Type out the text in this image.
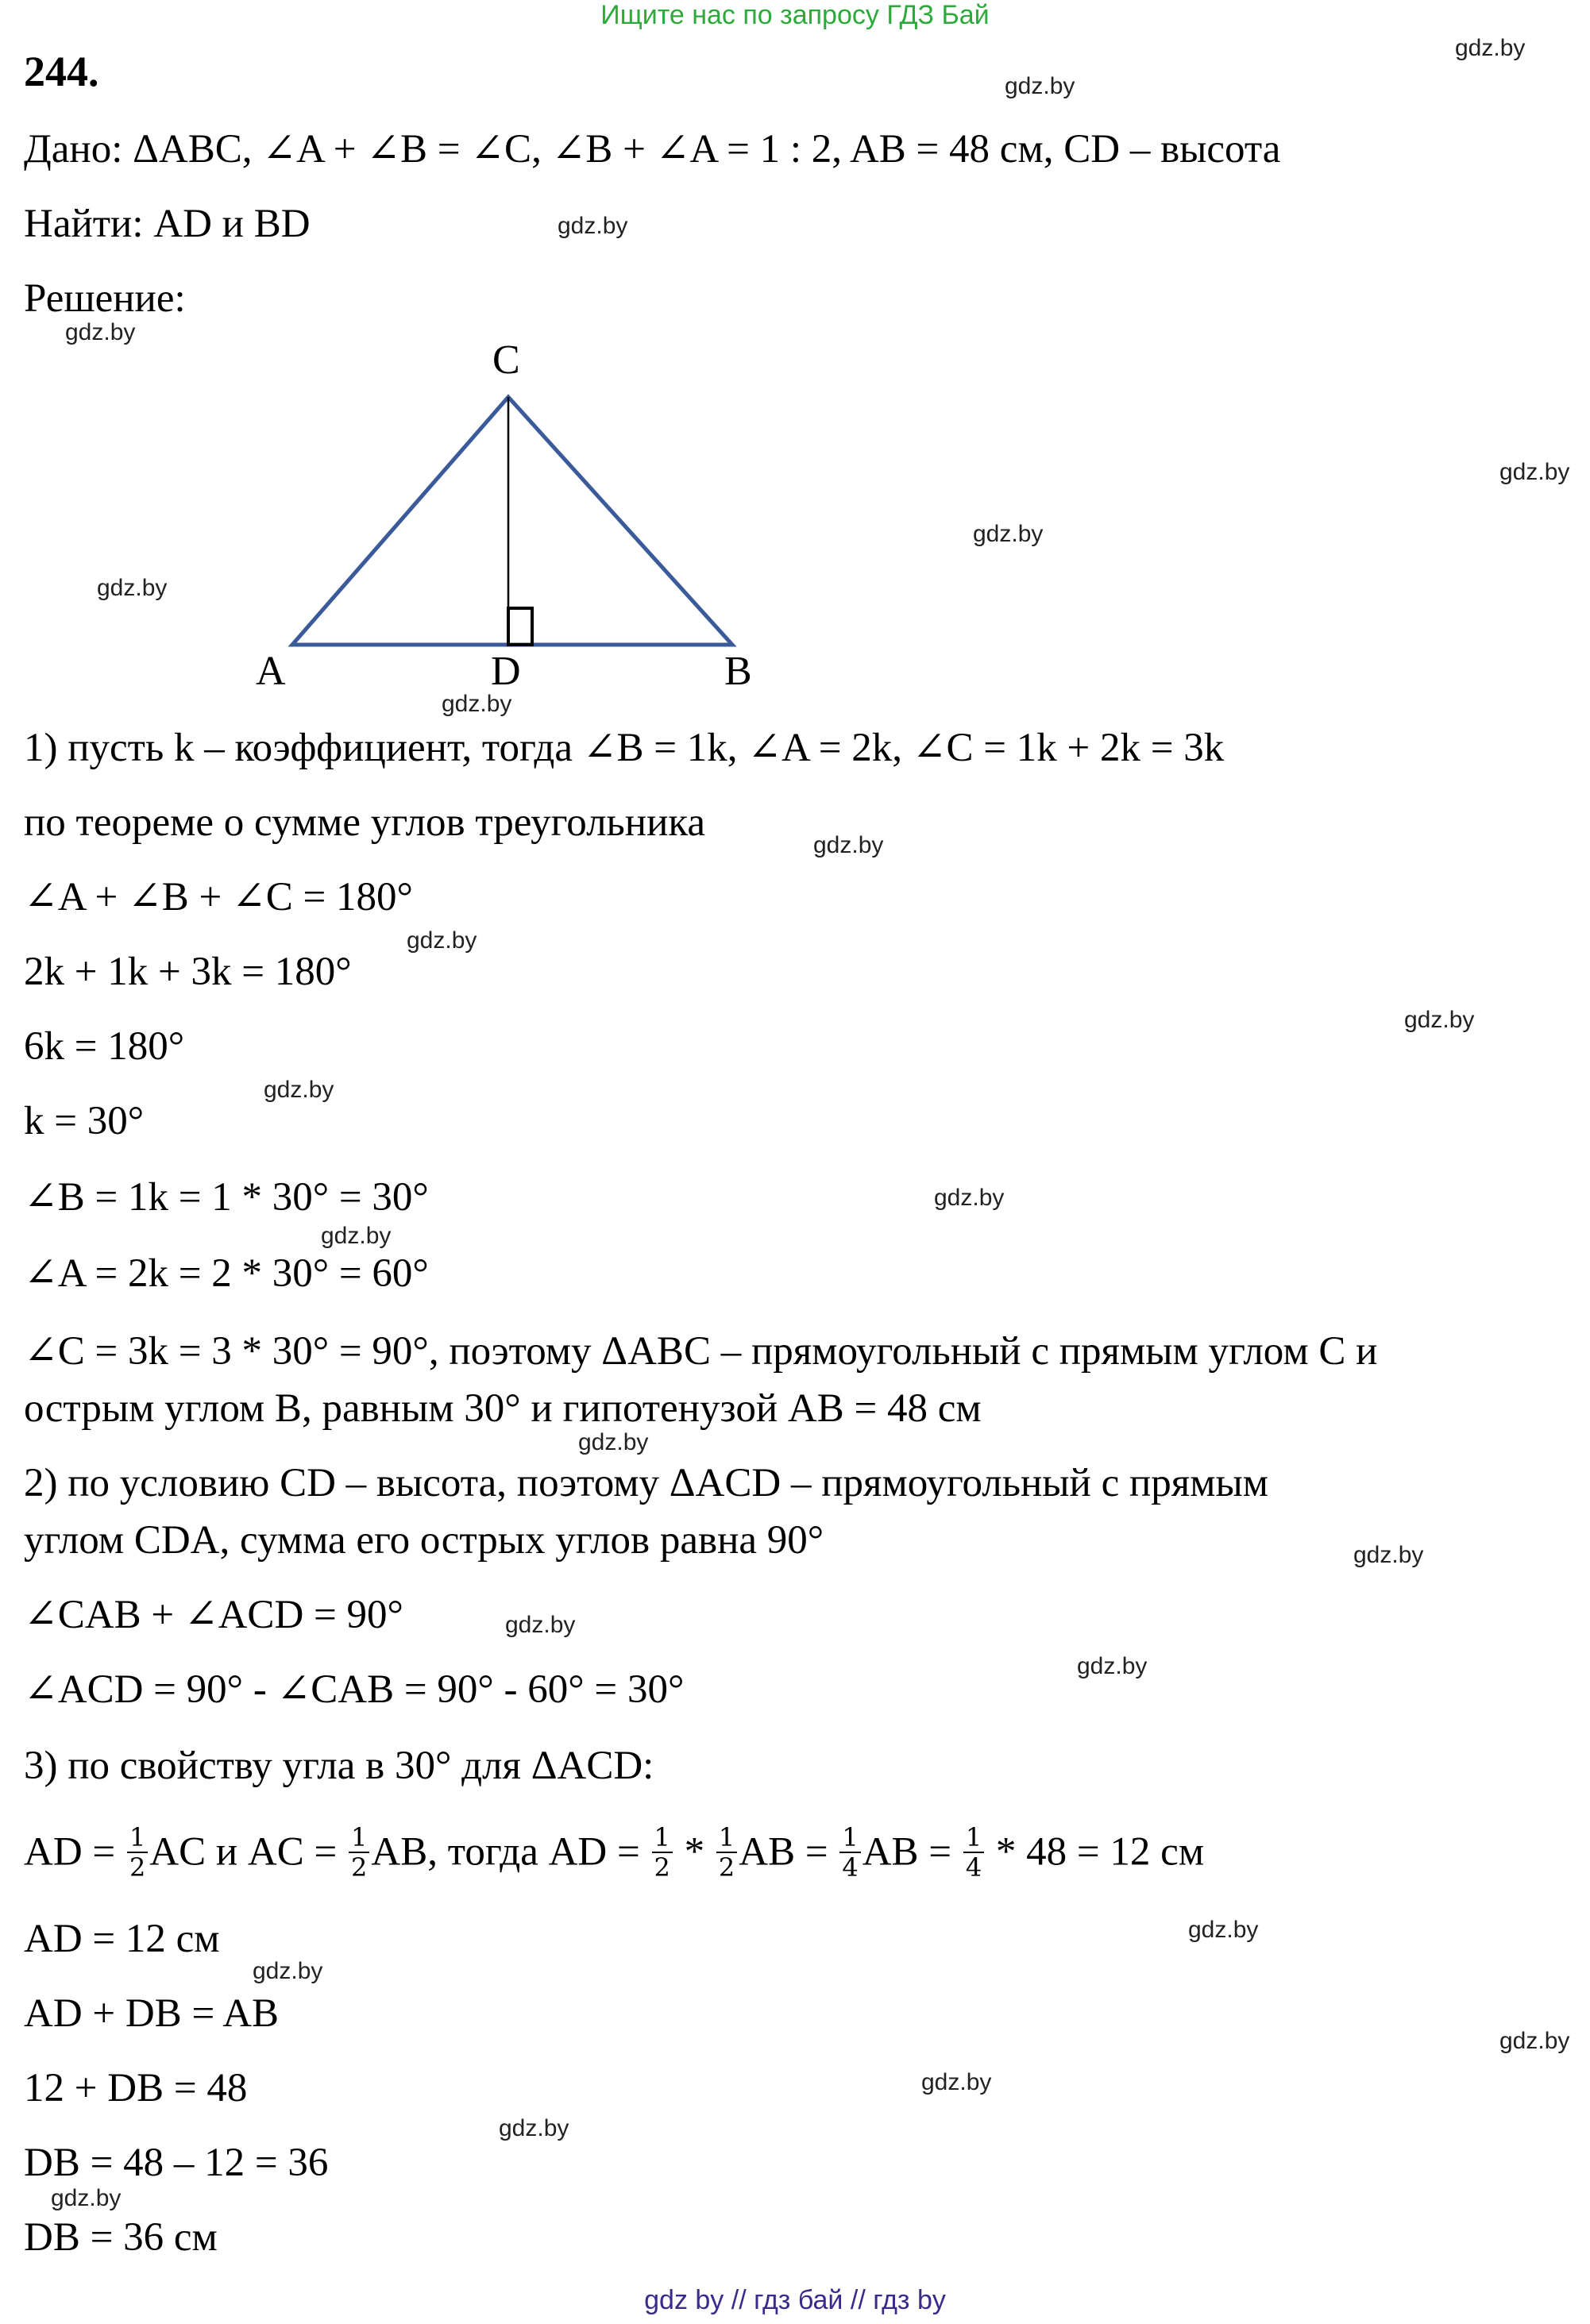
Ищите нас по запросу ГДЗ Бай
244.
Дано: ΔABC, ∠A + ∠B = ∠C, ∠B + ∠A = 1 : 2, AB = 48 см, CD – высота
Найти: AD и BD
Решение:
C
A	D	B
1) пусть k – коэффициент, тогда ∠B = 1k, ∠A = 2k, ∠C = 1k + 2k = 3k
по теореме о сумме углов треугольника
∠A + ∠B + ∠C = 180°
2k + 1k + 3k = 180°
6k = 180°
k = 30°
∠B = 1k = 1 * 30° = 30°
∠A = 2k = 2 * 30° = 60°
∠C = 3k = 3 * 30° = 90°, поэтому ΔABC – прямоугольный с прямым углом C и
острым углом B, равным 30° и гипотенузой AB = 48 см
2) по условию CD – высота, поэтому ΔACD – прямоугольный с прямым
углом CDA, сумма его острых углов равна 90°
∠CAB + ∠ACD = 90°
∠ACD = 90° - ∠CAB = 90° - 60° = 30°
3) по свойству угла в 30° для ΔACD:
AD = $\frac{1}{2}$ AC и AC = $\frac{1}{2}$ AB, тогда AD = $\frac{1}{2} * \frac{1}{2}$ AB = $\frac{1}{4}$ AB = $\frac{1}{4} * 48 = 12$ см
AD = 12 см
AD + DB = AB
12 + DB = 48
DB = 48 – 12 = 36
DB = 36 см
gdz.by
gdz.by
gdz.by
gdz.by
gdz.by
gdz.by
gdz.by
gdz.by
gdz.by
gdz.by
gdz.by
gdz.by
gdz.by
gdz.by
gdz.by
gdz.by
gdz.by
gdz.by
gdz.by
gdz.by
gdz.by
gdz.by
gdz.by
gdz.by
gdz by // гдз бай // гдз by
